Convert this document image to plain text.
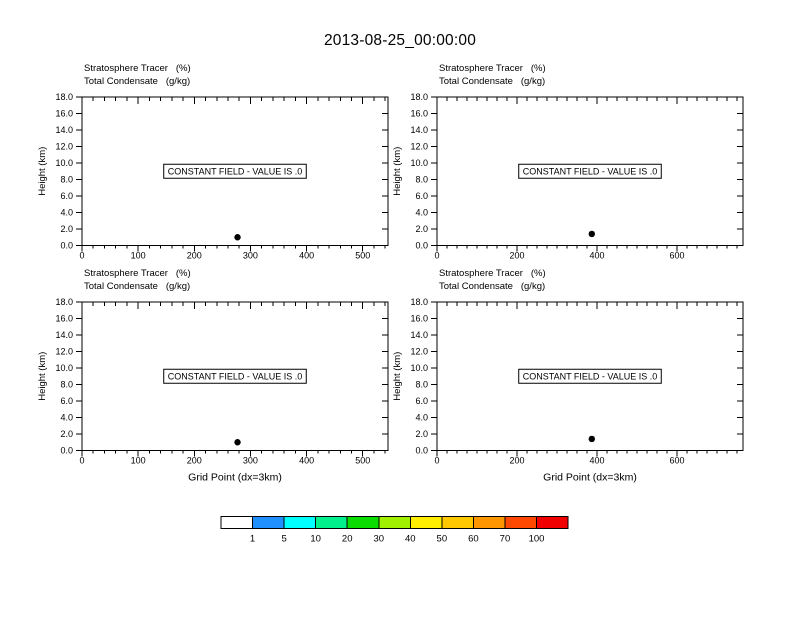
2013-08-25_00:00:00
Stratosphere Tracer   (%)
Total Condensate   (g/kg)
Height (km)
0.0
2.0
4.0
6.0
8.0
10.0
12.0
14.0
16.0
18.0
0	100	200	300	400	500
CONSTANT FIELD - VALUE IS .0
Stratosphere Tracer   (%)
Total Condensate   (g/kg)
Height (km)
0.0
2.0
4.0
6.0
8.0
10.0
12.0
14.0
16.0
18.0
0	200	400	600
CONSTANT FIELD - VALUE IS .0
Stratosphere Tracer   (%)
Total Condensate   (g/kg)
Height (km)
0.0
2.0
4.0
6.0
8.0
10.0
12.0
14.0
16.0
18.0
0	100	200	300	400	500
Grid Point (dx=3km)
CONSTANT FIELD - VALUE IS .0
Stratosphere Tracer   (%)
Total Condensate   (g/kg)
Height (km)
0.0
2.0
4.0
6.0
8.0
10.0
12.0
14.0
16.0
18.0
0	200	400	600
Grid Point (dx=3km)
CONSTANT FIELD - VALUE IS .0
1	5 10 20 30 40 50 60 70 100
